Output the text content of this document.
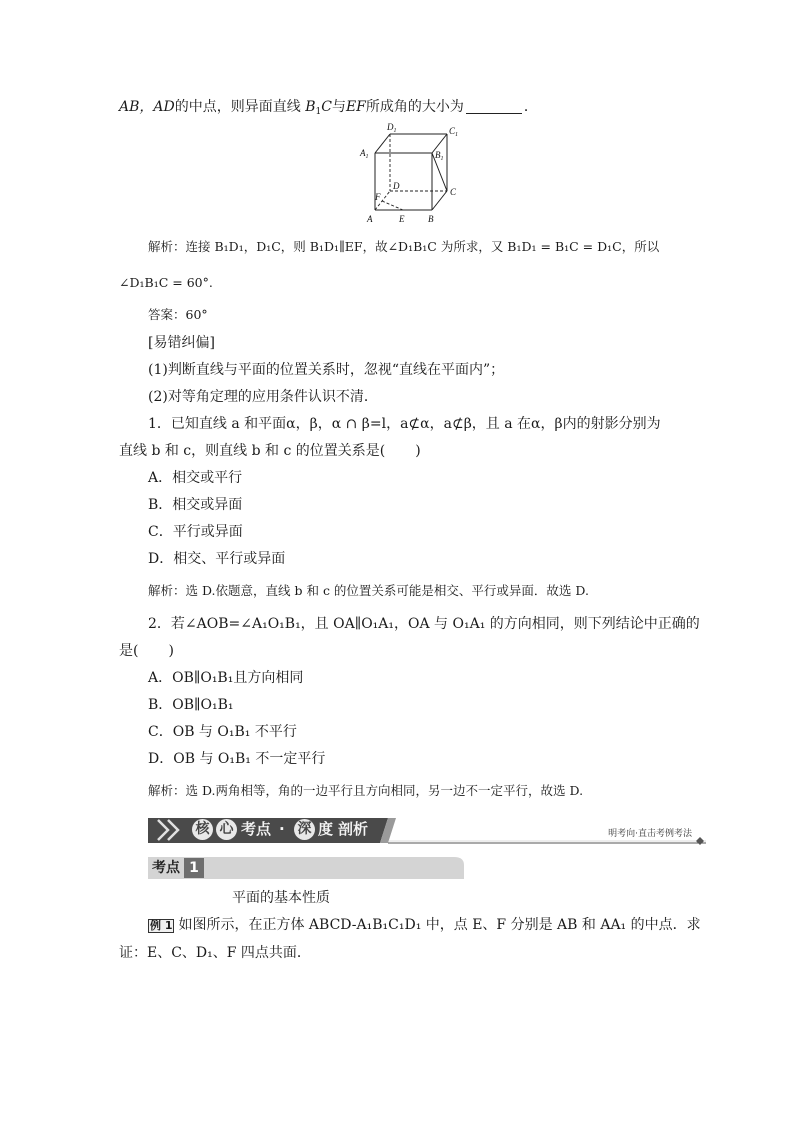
AB，AD的中点，则异面直线 $B_1C$与EF所成角的大小为	．
$D_1$	$C_1$
$A_1$	$B_1$
D
C
F
A	E	B
解析：连接 B₁D₁，D₁C，则 B₁D₁∥EF，故∠D₁B₁C 为所求，又 B₁D₁ = B₁C = D₁C，所以
∠D₁B₁C = 60°.
答案：60°
[易错纠偏]
(1)判断直线与平面的位置关系时，忽视“直线在平面内”；
(2)对等角定理的应用条件认识不清．
1．已知直线 a 和平面α，β，α ∩ β=l，a⊄α，a⊄β，且 a 在α，β内的射影分别为
直线 b 和 c，则直线 b 和 c 的位置关系是( )
A．相交或平行
B．相交或异面
C．平行或异面
D．相交、平行或异面
解析：选 D.依题意，直线 b 和 c 的位置关系可能是相交、平行或异面．故选 D.
2．若∠AOB=∠A₁O₁B₁，且 OA∥O₁A₁，OA 与 O₁A₁ 的方向相同，则下列结论中正确的
是( )
A．OB∥O₁B₁且方向相同
B．OB∥O₁B₁
C．OB 与 O₁B₁ 不平行
D．OB 与 O₁B₁ 不一定平行
解析：选 D.两角相等，角的一边平行且方向相同，另一边不一定平行，故选 D.
核 心 考点 · 深 度 剖析	明考向·直击考例考法
考点 1
平面的基本性质
例 1 如图所示，在正方体 ABCD-A₁B₁C₁D₁ 中，点 E、F 分别是 AB 和 AA₁ 的中点．求
证：E、C、D₁、F 四点共面．
